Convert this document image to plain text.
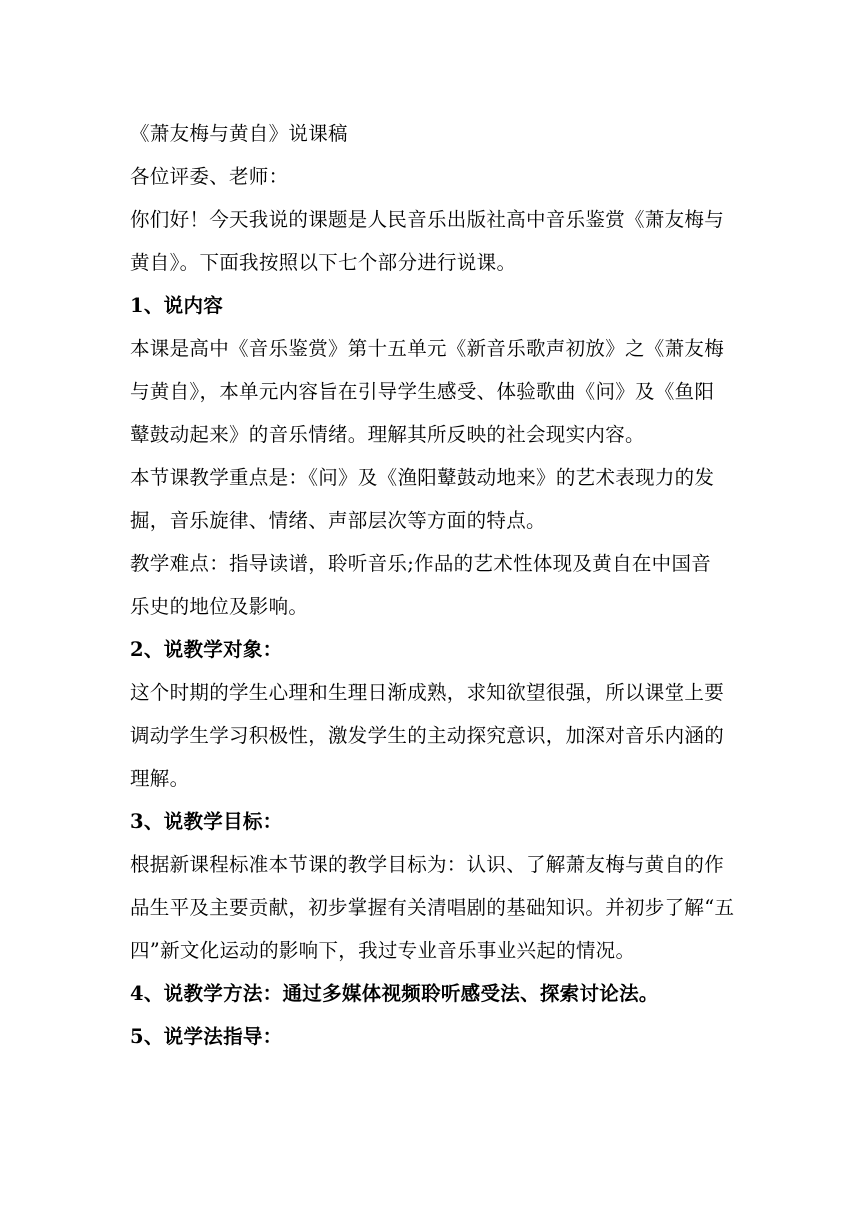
《萧友梅与黄自》说课稿
各位评委、老师：
你们好！今天我说的课题是人民音乐出版社高中音乐鉴赏《萧友梅与
黄自》。下面我按照以下七个部分进行说课。
1、说内容
本课是高中《音乐鉴赏》第十五单元《新音乐歌声初放》之《萧友梅
与黄自》，本单元内容旨在引导学生感受、体验歌曲《问》及《鱼阳
鼙鼓动起来》的音乐情绪。理解其所反映的社会现实内容。
本节课教学重点是：《问》及《渔阳鼙鼓动地来》的艺术表现力的发
掘，音乐旋律、情绪、声部层次等方面的特点。
教学难点：指导读谱，聆听音乐;作品的艺术性体现及黄自在中国音
乐史的地位及影响。
2、说教学对象：
这个时期的学生心理和生理日渐成熟，求知欲望很强，所以课堂上要
调动学生学习积极性，激发学生的主动探究意识，加深对音乐内涵的
理解。
3、说教学目标：
根据新课程标准本节课的教学目标为：认识、了解萧友梅与黄自的作
品生平及主要贡献，初步掌握有关清唱剧的基础知识。并初步了解“五
四”新文化运动的影响下，我过专业音乐事业兴起的情况。
4、说教学方法：通过多媒体视频聆听感受法、探索讨论法。
5、说学法指导：
